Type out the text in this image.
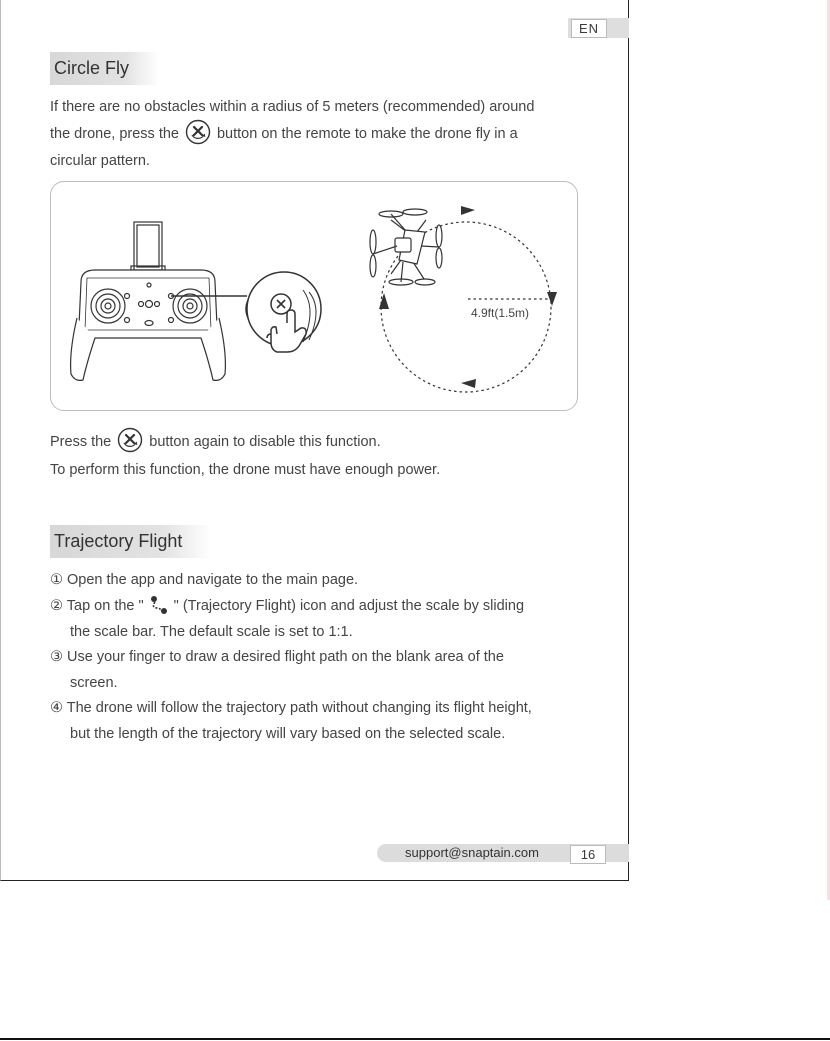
EN
Circle Fly
If there are no obstacles within a radius of 5 meters (recommended) around
the drone, press the	button on the remote to make the drone fly in a
circular pattern.
4.9ft(1.5m)
Press the	button again to disable this function.
To perform this function, the drone must have enough power.
Trajectory Flight
① Open the app and navigate to the main page.
② Tap on the " " (Trajectory Flight) icon and adjust the scale by sliding
the scale bar. The default scale is set to 1:1.
③ Use your finger to draw a desired flight path on the blank area of the
screen.
④ The drone will follow the trajectory path without changing its flight height,
but the length of the trajectory will vary based on the selected scale.
support@snaptain.com	16
